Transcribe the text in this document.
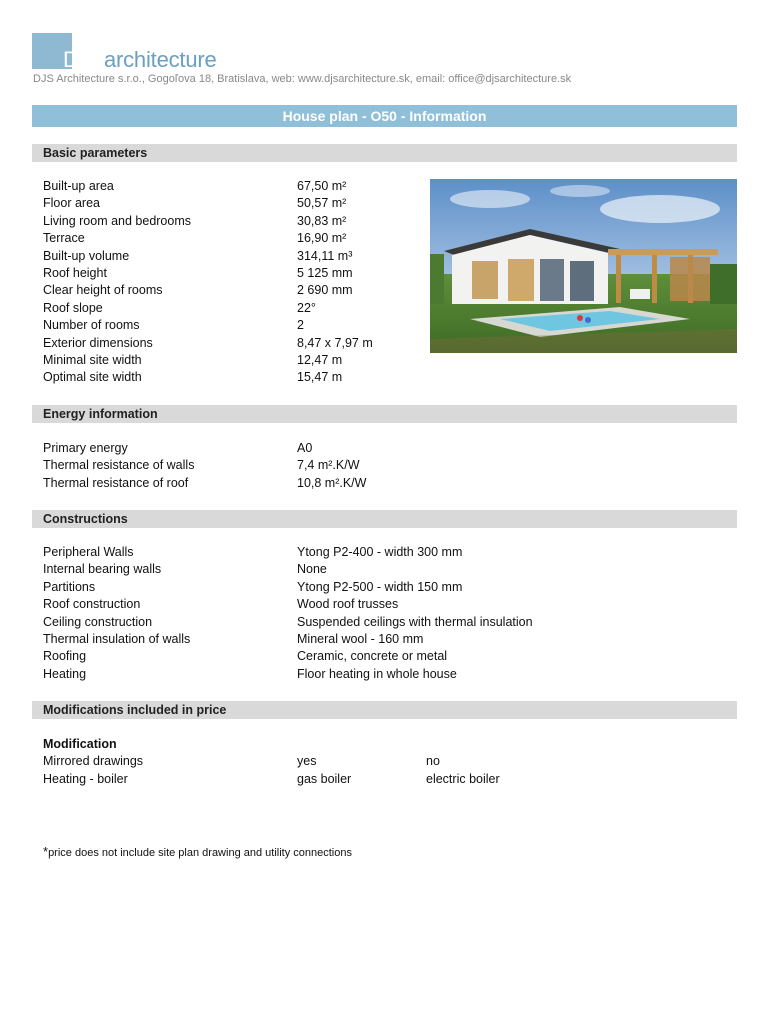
DJSarchitecture
DJS Architecture s.r.o., Gogoľova 18, Bratislava, web: www.djsarchitecture.sk, email: office@djsarchitecture.sk
House plan - O50 - Information
Basic parameters
Built-up area	67,50 m²
Floor area	50,57 m²
Living room and bedrooms	30,83 m²
Terrace	16,90 m²
Built-up volume	314,11 m³
Roof height	5 125 mm
Clear height of rooms	2 690 mm
Roof slope	22°
Number of rooms	2
Exterior dimensions	8,47 x 7,97 m
Minimal site width	12,47 m
Optimal site width	15,47 m
Energy information
Primary energy	A0
Thermal resistance of walls	7,4 m².K/W
Thermal resistance of roof	10,8 m².K/W
Constructions
Peripheral Walls	Ytong P2-400 - width 300 mm
Internal bearing walls	None
Partitions	Ytong P2-500 - width 150 mm
Roof construction	Wood roof trusses
Ceiling construction	Suspended ceilings with thermal insulation
Thermal insulation of walls	Mineral wool - 160 mm
Roofing	Ceramic, concrete or metal
Heating	Floor heating in whole house
Modifications included in price
Modification
Mirrored drawings	yes	no
Heating - boiler	gas boiler	electric boiler
*price does not include site plan drawing and utility connections
